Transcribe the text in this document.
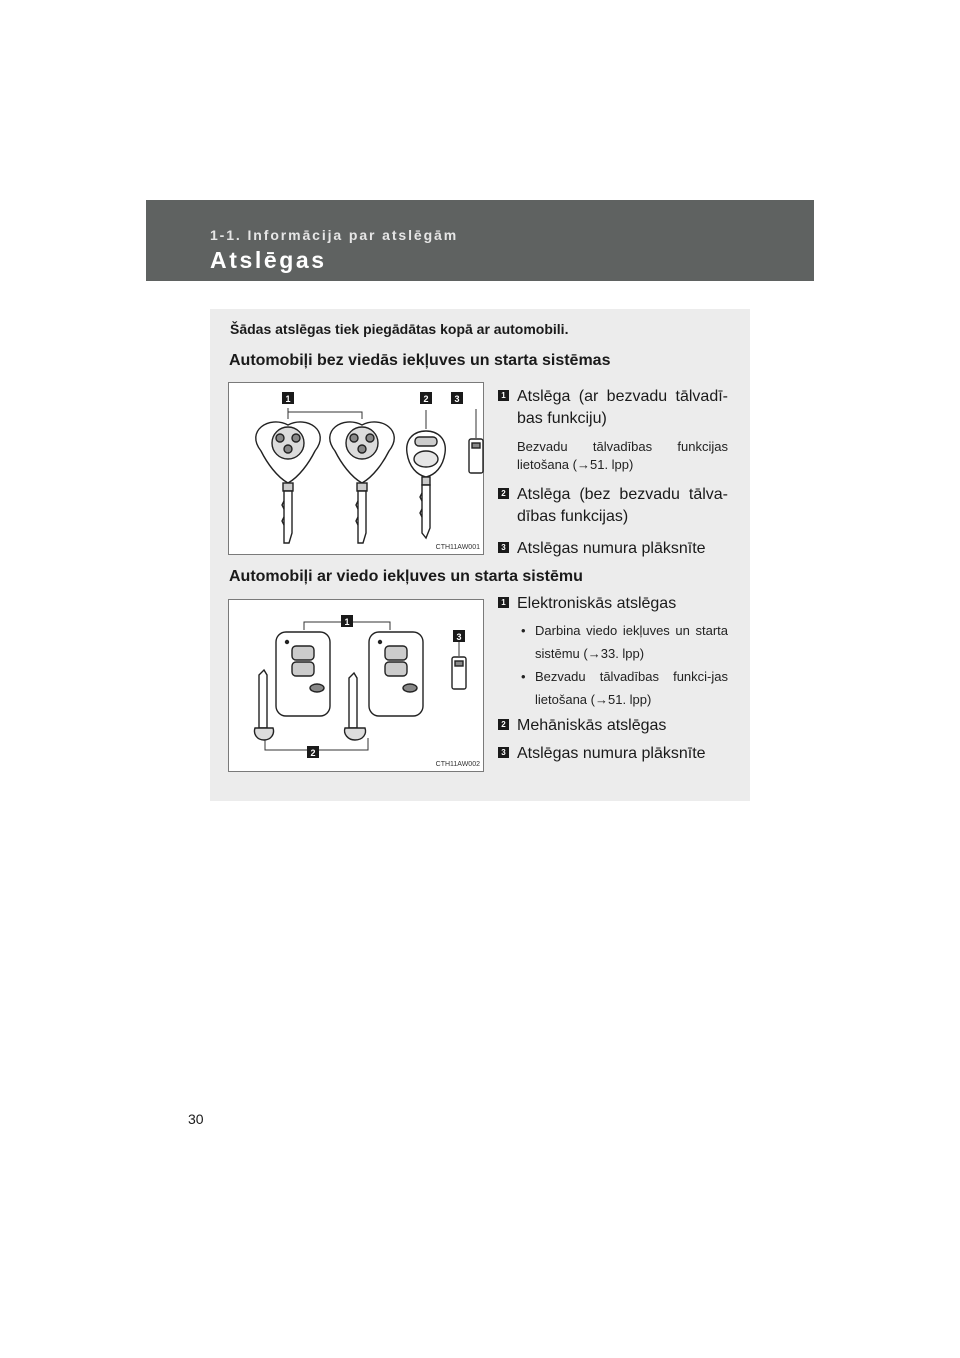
1-1. Informācija par atslēgām
Atslēgas
Šādas atslēgas tiek piegādātas kopā ar automobili.
Automobiļi bez viedās iekļuves un starta sistēmas
1	2	3
CTH11AW001
1 Atslēga (ar bezvadu tālvadī-bas funkciju)
Bezvadu tālvadības funkcijas lietošana (→51. lpp)
2 Atslēga (bez bezvadu tālva-dības funkcijas)
3 Atslēgas numura plāksnīte
Automobiļi ar viedo iekļuves un starta sistēmu
1
3
2
CTH11AW002
1 Elektroniskās atslēgas
• Darbina viedo iekļuves un starta sistēmu (→33. lpp)
• Bezvadu tālvadības funkci-jas lietošana (→51. lpp)
2 Mehāniskās atslēgas
3 Atslēgas numura plāksnīte
30
